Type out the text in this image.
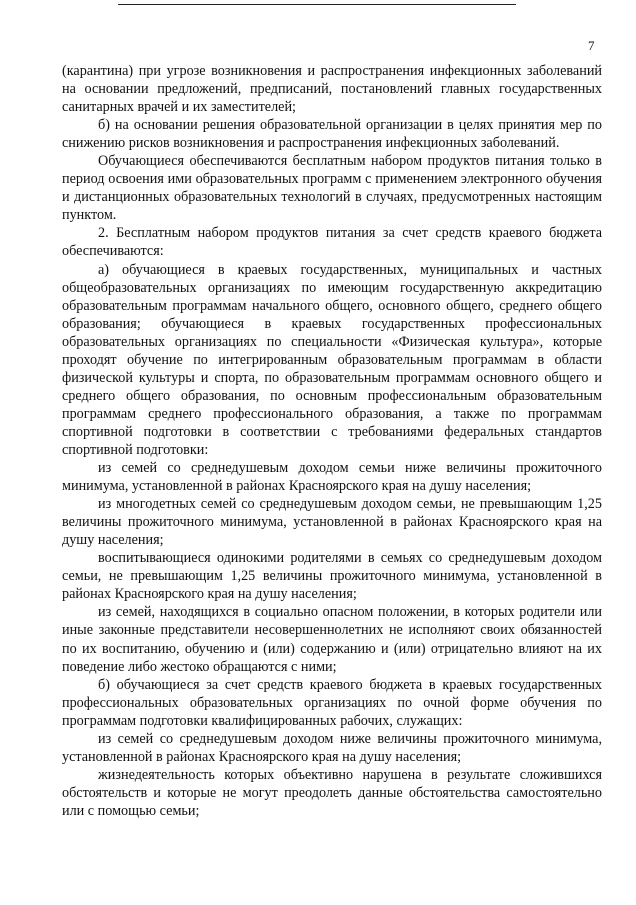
7

(карантина) при угрозе возникновения и распространения инфекционных заболеваний на основании предложений, предписаний, постановлений главных государственных санитарных врачей и их заместителей;

б) на основании решения образовательной организации в целях принятия мер по снижению рисков возникновения и распространения инфекционных заболеваний.

Обучающиеся обеспечиваются бесплатным набором продуктов питания только в период освоения ими образовательных программ с применением электронного обучения и дистанционных образовательных технологий в случаях, предусмотренных настоящим пунктом.

2. Бесплатным набором продуктов питания за счет средств краевого бюджета обеспечиваются:

а) обучающиеся в краевых государственных, муниципальных и частных общеобразовательных организациях по имеющим государственную аккредитацию образовательным программам начального общего, основного общего, среднего общего образования; обучающиеся в краевых государственных профессиональных образовательных организациях по специальности «Физическая культура», которые проходят обучение по интегрированным образовательным программам в области физической культуры и спорта, по образовательным программам основного общего и среднего общего образования, по основным профессиональным образовательным программам среднего профессионального образования, а также по программам спортивной подготовки в соответствии с требованиями федеральных стандартов спортивной подготовки:

из семей со среднедушевым доходом семьи ниже величины прожиточного минимума, установленной в районах Красноярского края на душу населения;

из многодетных семей со среднедушевым доходом семьи, не превышающим 1,25 величины прожиточного минимума, установленной в районах Красноярского края на душу населения;

воспитывающиеся одинокими родителями в семьях со среднедушевым доходом семьи, не превышающим 1,25 величины прожиточного минимума, установленной в районах Красноярского края на душу населения;

из семей, находящихся в социально опасном положении, в которых родители или иные законные представители несовершеннолетних не исполняют своих обязанностей по их воспитанию, обучению и (или) содержанию и (или) отрицательно влияют на их поведение либо жестоко обращаются с ними;

б) обучающиеся за счет средств краевого бюджета в краевых государственных профессиональных образовательных организациях по очной форме обучения по программам подготовки квалифицированных рабочих, служащих:

из семей со среднедушевым доходом ниже величины прожиточного минимума, установленной в районах Красноярского края на душу населения;

жизнедеятельность которых объективно нарушена в результате сложившихся обстоятельств и которые не могут преодолеть данные обстоятельства самостоятельно или с помощью семьи;
